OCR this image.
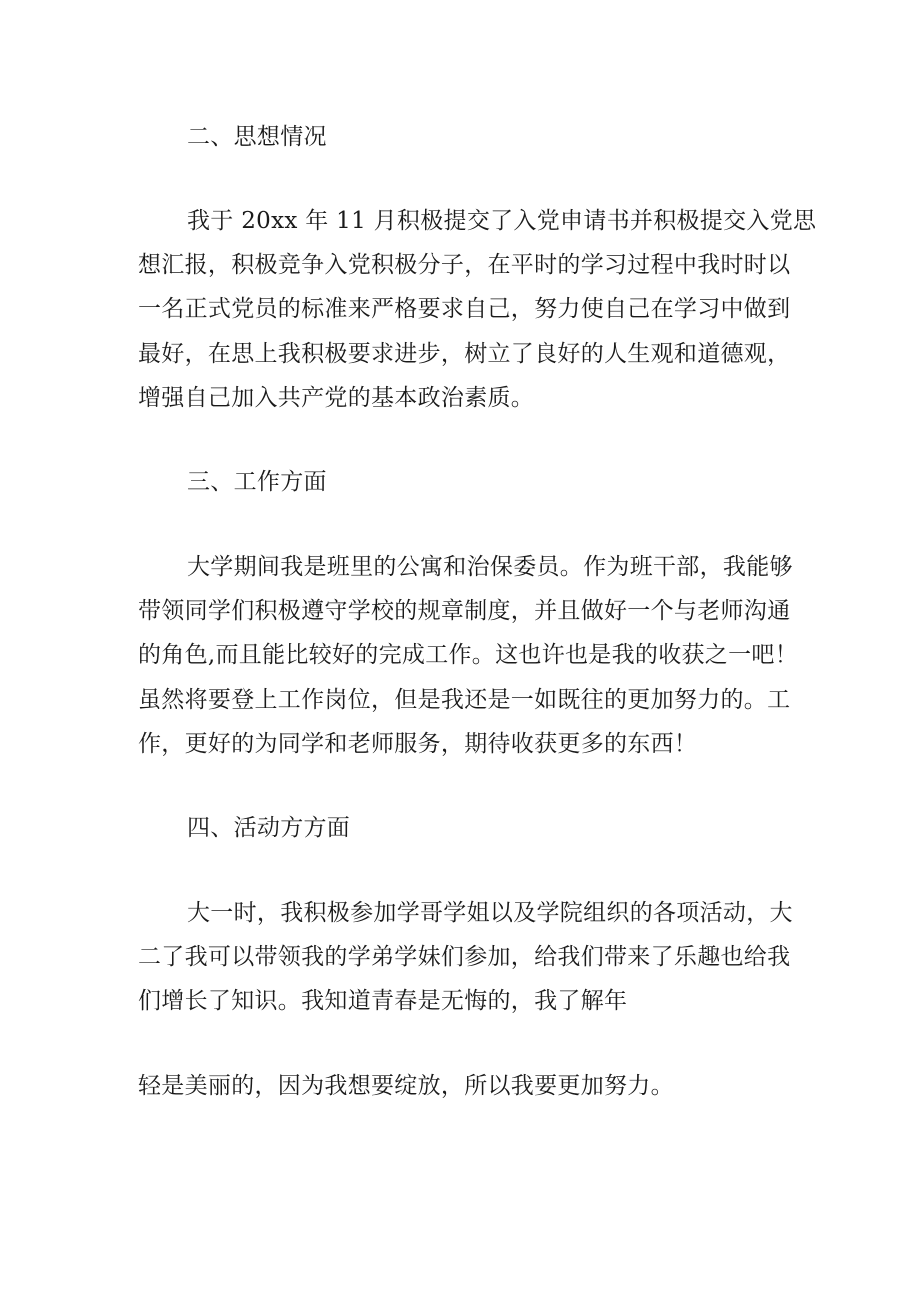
二、思想情况

我于 20xx 年 11 月积极提交了入党申请书并积极提交入党思

想汇报，积极竞争入党积极分子，在平时的学习过程中我时时以

一名正式党员的标准来严格要求自己，努力使自己在学习中做到

最好，在思上我积极要求进步，树立了良好的人生观和道德观，

增强自己加入共产党的基本政治素质。

三、工作方面

大学期间我是班里的公寓和治保委员。作为班干部，我能够

带领同学们积极遵守学校的规章制度，并且做好一个与老师沟通

的角色,而且能比较好的完成工作。这也许也是我的收获之一吧！

虽然将要登上工作岗位，但是我还是一如既往的更加努力的。工

作，更好的为同学和老师服务，期待收获更多的东西！

四、活动方方面

大一时，我积极参加学哥学姐以及学院组织的各项活动，大

二了我可以带领我的学弟学妹们参加，给我们带来了乐趣也给我

们增长了知识。我知道青春是无悔的，我了解年

轻是美丽的，因为我想要绽放，所以我要更加努力。
